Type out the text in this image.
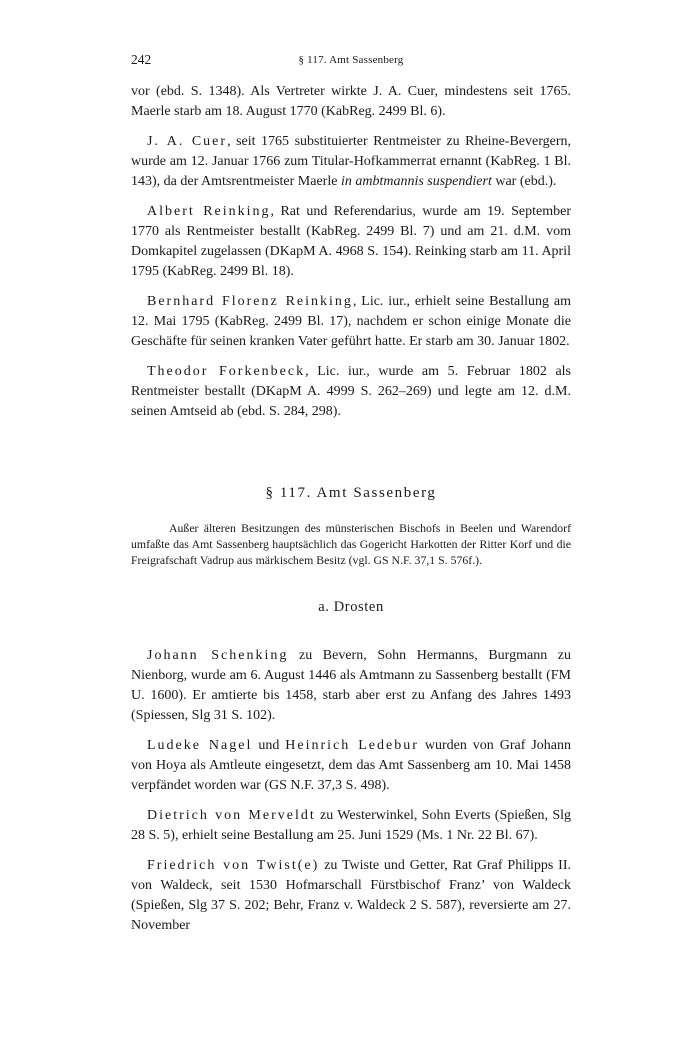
242	§ 117. Amt Sassenberg

vor (ebd. S. 1348). Als Vertreter wirkte J. A. Cuer, mindestens seit 1765. Maerle starb am 18. August 1770 (KabReg. 2499 Bl. 6).

J. A. Cuer, seit 1765 substituierter Rentmeister zu Rheine-Bevergern, wurde am 12. Januar 1766 zum Titular-Hofkammerrat ernannt (KabReg. 1 Bl. 143), da der Amtsrentmeister Maerle in ambtmannis suspendiert war (ebd.).

Albert Reinking, Rat und Referendarius, wurde am 19. September 1770 als Rentmeister bestallt (KabReg. 2499 Bl. 7) und am 21. d.M. vom Domkapitel zugelassen (DKapM A. 4968 S. 154). Reinking starb am 11. April 1795 (KabReg. 2499 Bl. 18).

Bernhard Florenz Reinking, Lic. iur., erhielt seine Bestallung am 12. Mai 1795 (KabReg. 2499 Bl. 17), nachdem er schon einige Monate die Geschäfte für seinen kranken Vater geführt hatte. Er starb am 30. Januar 1802.

Theodor Forkenbeck, Lic. iur., wurde am 5. Februar 1802 als Rentmeister bestallt (DKapM A. 4999 S. 262–269) und legte am 12. d.M. seinen Amtseid ab (ebd. S. 284, 298).

§ 117. Amt Sassenberg

Außer älteren Besitzungen des münsterischen Bischofs in Beelen und Warendorf umfaßte das Amt Sassenberg hauptsächlich das Gogericht Harkotten der Ritter Korf und die Freigrafschaft Vadrup aus märkischem Besitz (vgl. GS N.F. 37,1 S. 576f.).

a. Drosten

Johann Schenking zu Bevern, Sohn Hermanns, Burgmann zu Nienborg, wurde am 6. August 1446 als Amtmann zu Sassenberg bestallt (FM U. 1600). Er amtierte bis 1458, starb aber erst zu Anfang des Jahres 1493 (Spiessen, Slg 31 S. 102).

Ludeke Nagel und Heinrich Ledebur wurden von Graf Johann von Hoya als Amtleute eingesetzt, dem das Amt Sassenberg am 10. Mai 1458 verpfändet worden war (GS N.F. 37,3 S. 498).

Dietrich von Merveldt zu Westerwinkel, Sohn Everts (Spießen, Slg 28 S. 5), erhielt seine Bestallung am 25. Juni 1529 (Ms. 1 Nr. 22 Bl. 67).

Friedrich von Twist(e) zu Twiste und Getter, Rat Graf Philipps II. von Waldeck, seit 1530 Hofmarschall Fürstbischof Franz’ von Waldeck (Spießen, Slg 37 S. 202; Behr, Franz v. Waldeck 2 S. 587), reversierte am 27. November
